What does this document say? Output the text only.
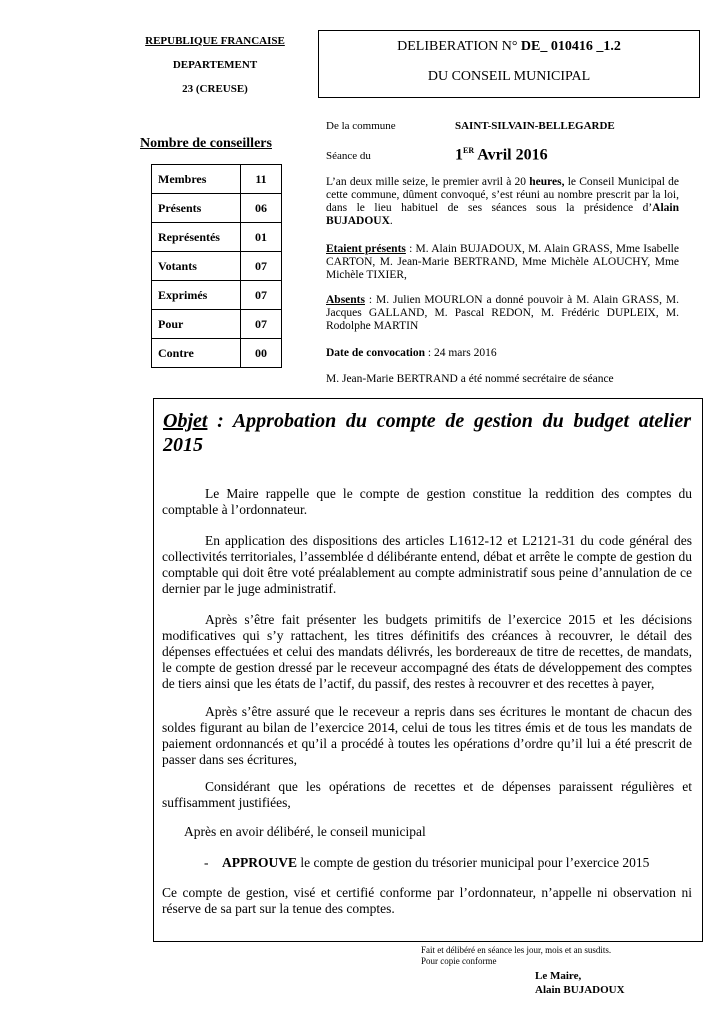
REPUBLIQUE FRANCAISE
DEPARTEMENT
23 (CREUSE)
DELIBERATION N° DE_ 010416 _1.2
DU CONSEIL MUNICIPAL
Nombre de conseillers
Membres	11
Présents	06
Représentés	01
Votants	07
Exprimés	07
Pour	07
Contre	00
De la commune	SAINT-SILVAIN-BELLEGARDE
Séance du	1ER Avril 2016
L’an deux mille seize, le premier avril à 20 heures, le Conseil Municipal de cette commune, dûment convoqué, s’est réuni au nombre prescrit par la loi, dans le lieu habituel de ses séances sous la présidence d’Alain BUJADOUX.
Etaient présents : M. Alain BUJADOUX, M. Alain GRASS, Mme Isabelle CARTON, M. Jean-Marie BERTRAND, Mme Michèle ALOUCHY, Mme Michèle TIXIER,
Absents : M. Julien MOURLON a donné pouvoir à M. Alain GRASS, M. Jacques GALLAND, M. Pascal REDON, M. Frédéric DUPLEIX, M. Rodolphe MARTIN
Date de convocation : 24 mars 2016
M. Jean-Marie BERTRAND a été nommé secrétaire de séance
Objet : Approbation du compte de gestion du budget atelier 2015
Le Maire rappelle que le compte de gestion constitue la reddition des comptes du comptable à l’ordonnateur.
En application des dispositions des articles L1612-12 et L2121-31 du code général des collectivités territoriales, l’assemblée d délibérante entend, débat et arrête le compte de gestion du comptable qui doit être voté préalablement au compte administratif sous peine d’annulation de ce dernier par le juge administratif.
Après s’être fait présenter les budgets primitifs de l’exercice 2015 et les décisions modificatives qui s’y rattachent, les titres définitifs des créances à recouvrer, le détail des dépenses effectuées et celui des mandats délivrés, les bordereaux de titre de recettes, de mandats, le compte de gestion dressé par le receveur accompagné des états de développement des comptes de tiers ainsi que les états de l’actif, du passif, des restes à recouvrer et des recettes à payer,
Après s’être assuré que le receveur a repris dans ses écritures le montant de chacun des soldes figurant au bilan de l’exercice 2014, celui de tous les titres émis et de tous les mandats de paiement ordonnancés et qu’il a procédé à toutes les opérations d’ordre qu’il lui a été prescrit de passer dans ses écritures,
Considérant que les opérations de recettes et de dépenses paraissent régulières et suffisamment justifiées,
Après en avoir délibéré, le conseil municipal
- APPROUVE le compte de gestion du trésorier municipal pour l’exercice 2015
Ce compte de gestion, visé et certifié conforme par l’ordonnateur, n’appelle ni observation ni réserve de sa part sur la tenue des comptes.
Fait et délibéré en séance les jour, mois et an susdits.
Pour copie conforme
Le Maire,
Alain BUJADOUX
